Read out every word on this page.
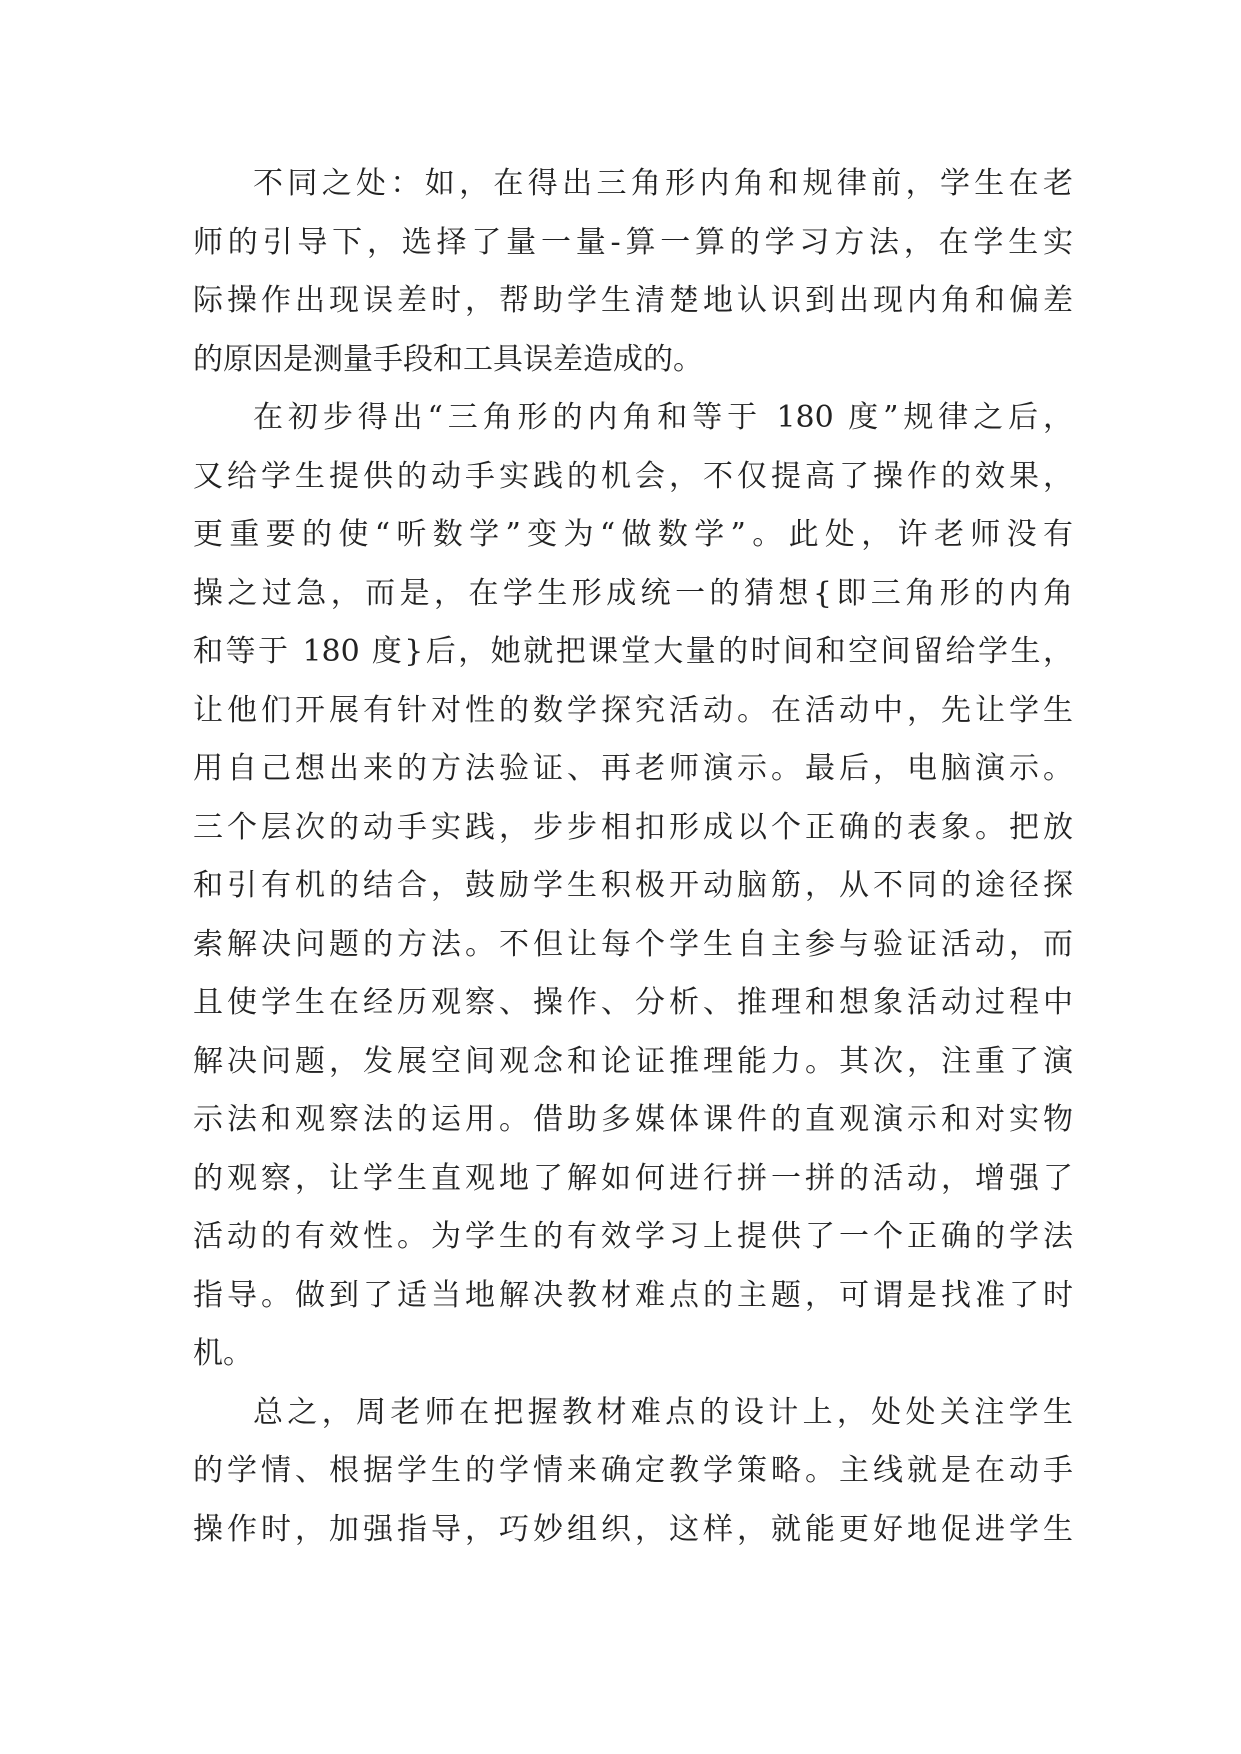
不同之处：如，在得出三角形内角和规律前，学生在老
师的引导下，选择了量一量-算一算的学习方法，在学生实
际操作出现误差时，帮助学生清楚地认识到出现内角和偏差
的原因是测量手段和工具误差造成的。
在初步得出“三角形的内角和等于 180 度”规律之后，
又给学生提供的动手实践的机会，不仅提高了操作的效果，
更重要的使“听数学”变为“做数学”。此处，许老师没有
操之过急，而是，在学生形成统一的猜想{即三角形的内角
和等于 180 度}后，她就把课堂大量的时间和空间留给学生，
让他们开展有针对性的数学探究活动。在活动中，先让学生
用自己想出来的方法验证、再老师演示。最后，电脑演示。
三个层次的动手实践，步步相扣形成以个正确的表象。把放
和引有机的结合，鼓励学生积极开动脑筋，从不同的途径探
索解决问题的方法。不但让每个学生自主参与验证活动，而
且使学生在经历观察、操作、分析、推理和想象活动过程中
解决问题，发展空间观念和论证推理能力。其次，注重了演
示法和观察法的运用。借助多媒体课件的直观演示和对实物
的观察，让学生直观地了解如何进行拼一拼的活动，增强了
活动的有效性。为学生的有效学习上提供了一个正确的学法
指导。做到了适当地解决教材难点的主题，可谓是找准了时
机。
总之，周老师在把握教材难点的设计上，处处关注学生
的学情、根据学生的学情来确定教学策略。主线就是在动手
操作时，加强指导，巧妙组织，这样，就能更好地促进学生
